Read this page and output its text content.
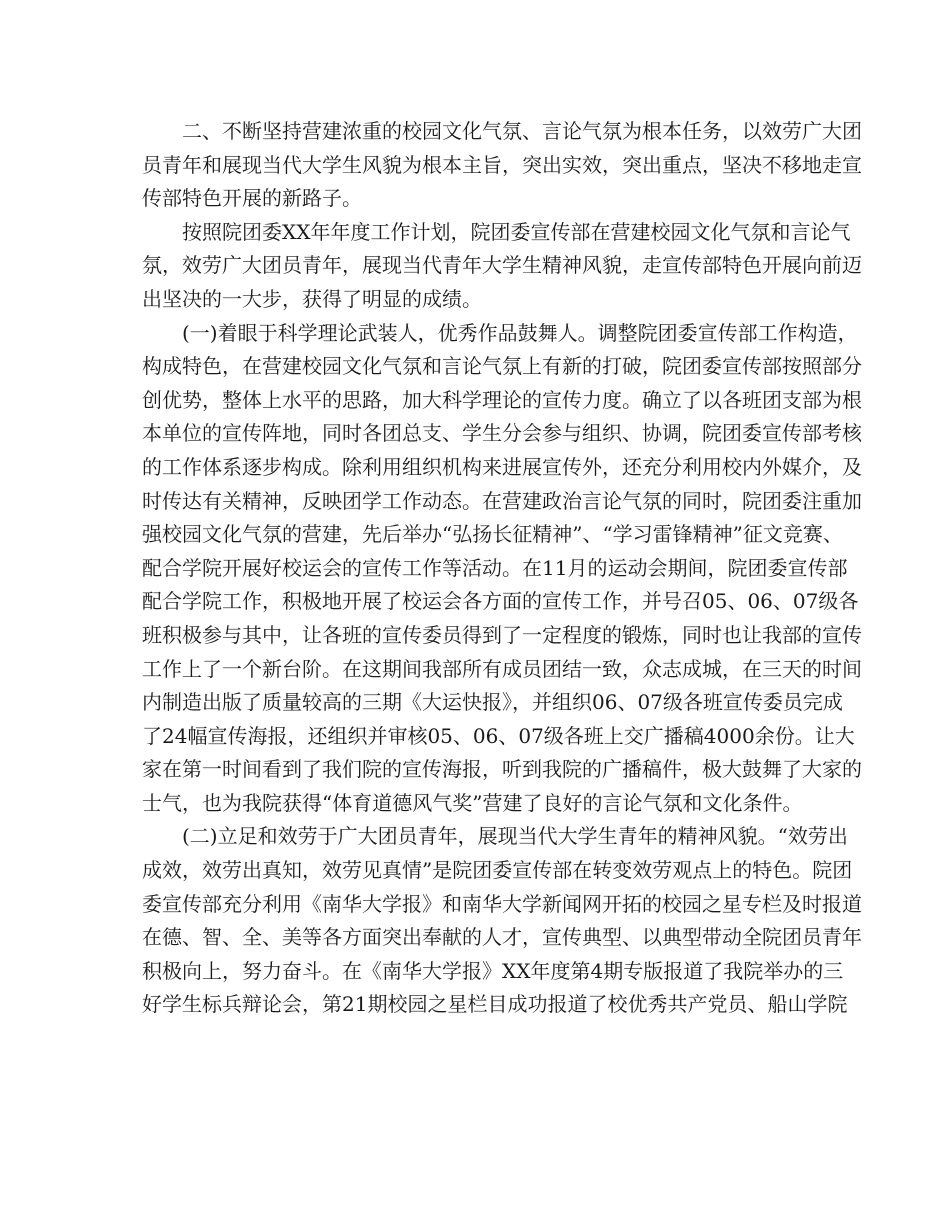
二、不断坚持营建浓重的校园文化气氛、言论气氛为根本任务，以效劳广大团
员青年和展现当代大学生风貌为根本主旨，突出实效，突出重点，坚决不移地走宣
传部特色开展的新路子。
按照院团委XX年年度工作计划，院团委宣传部在营建校园文化气氛和言论气
氛，效劳广大团员青年，展现当代青年大学生精神风貌，走宣传部特色开展向前迈
出坚决的一大步，获得了明显的成绩。
(一)着眼于科学理论武装人，优秀作品鼓舞人。调整院团委宣传部工作构造，
构成特色，在营建校园文化气氛和言论气氛上有新的打破，院团委宣传部按照部分
创优势，整体上水平的思路，加大科学理论的宣传力度。确立了以各班团支部为根
本单位的宣传阵地，同时各团总支、学生分会参与组织、协调，院团委宣传部考核
的工作体系逐步构成。除利用组织机构来进展宣传外，还充分利用校内外媒介，及
时传达有关精神，反映团学工作动态。在营建政治言论气氛的同时，院团委注重加
强校园文化气氛的营建，先后举办“弘扬长征精神”、“学习雷锋精神”征文竞赛、
配合学院开展好校运会的宣传工作等活动。在11月的运动会期间，院团委宣传部
配合学院工作，积极地开展了校运会各方面的宣传工作，并号召05、06、07级各
班积极参与其中，让各班的宣传委员得到了一定程度的锻炼，同时也让我部的宣传
工作上了一个新台阶。在这期间我部所有成员团结一致，众志成城，在三天的时间
内制造出版了质量较高的三期《大运快报》，并组织06、07级各班宣传委员完成
了24幅宣传海报，还组织并审核05、06、07级各班上交广播稿4000余份。让大
家在第一时间看到了我们院的宣传海报，听到我院的广播稿件，极大鼓舞了大家的
士气，也为我院获得“体育道德风气奖”营建了良好的言论气氛和文化条件。
(二)立足和效劳于广大团员青年，展现当代大学生青年的精神风貌。“效劳出
成效，效劳出真知，效劳见真情”是院团委宣传部在转变效劳观点上的特色。院团
委宣传部充分利用《南华大学报》和南华大学新闻网开拓的校园之星专栏及时报道
在德、智、全、美等各方面突出奉献的人才，宣传典型、以典型带动全院团员青年
积极向上，努力奋斗。在《南华大学报》XX年度第4期专版报道了我院举办的三
好学生标兵辩论会，第21期校园之星栏目成功报道了校优秀共产党员、船山学院
